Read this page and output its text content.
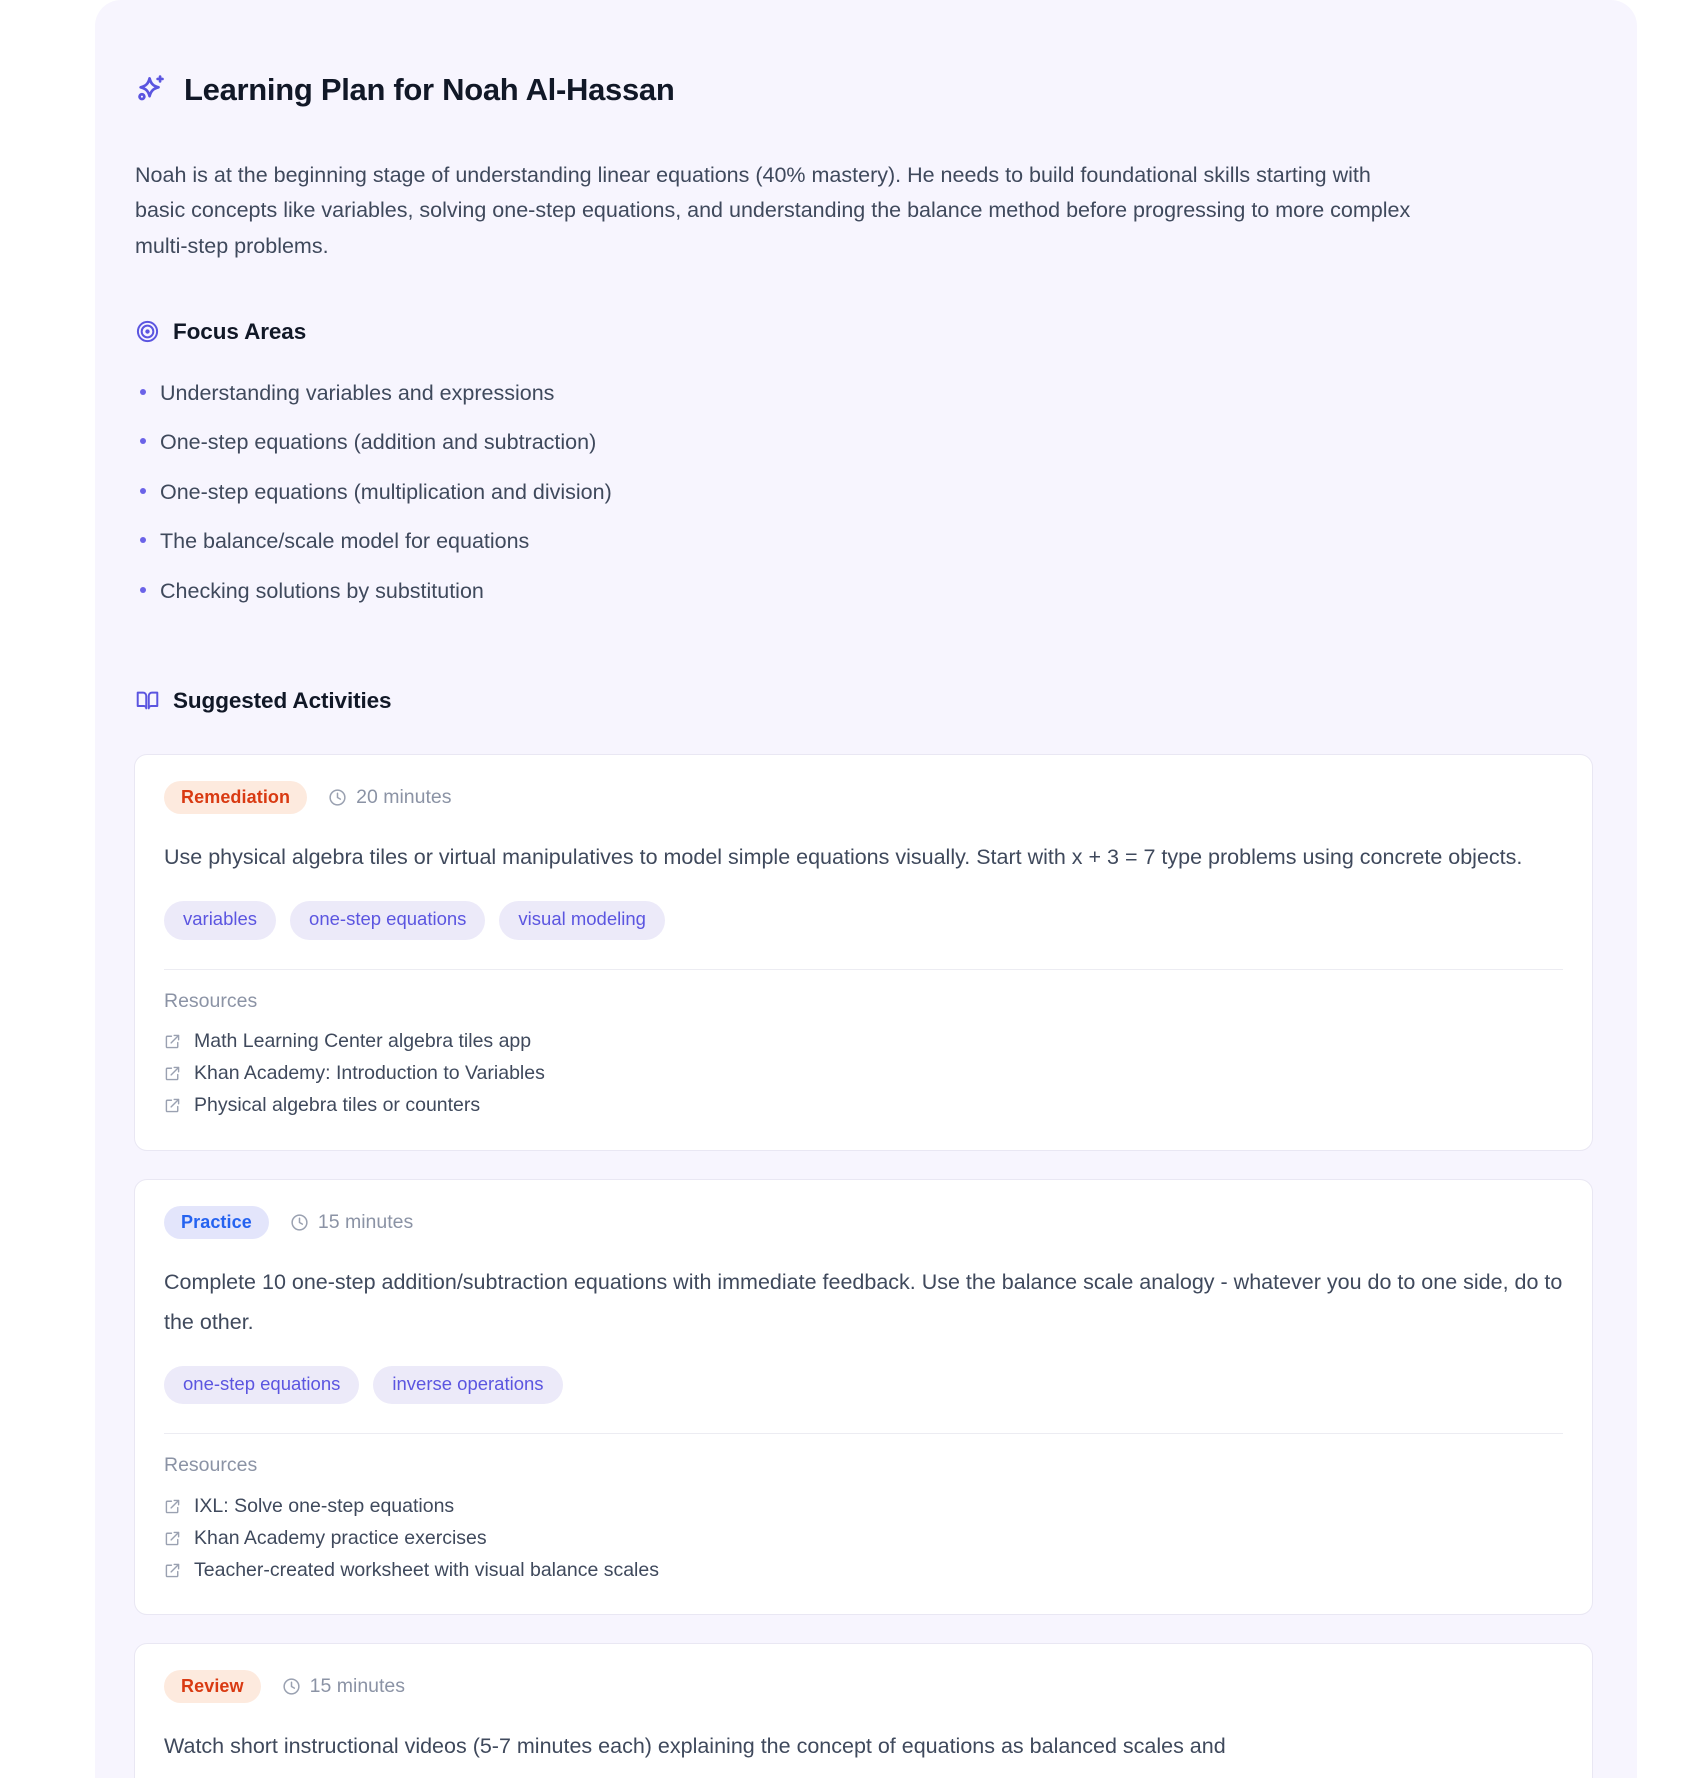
Learning Plan for Noah Al-Hassan

Noah is at the beginning stage of understanding linear equations (40% mastery). He needs to build foundational skills starting with basic concepts like variables, solving one-step equations, and understanding the balance method before progressing to more complex multi-step problems.

Focus Areas
Understanding variables and expressions
One-step equations (addition and subtraction)
One-step equations (multiplication and division)
The balance/scale model for equations
Checking solutions by substitution
Suggested Activities
Remediation	20 minutes

Use physical algebra tiles or virtual manipulatives to model simple equations visually. Start with x + 3 = 7 type problems using concrete objects.

variables	one-step equations	visual modeling
Resources
Math Learning Center algebra tiles app
Khan Academy: Introduction to Variables
Physical algebra tiles or counters
Practice	15 minutes

Complete 10 one-step addition/subtraction equations with immediate feedback. Use the balance scale analogy - whatever you do to one side, do to the other.

one-step equations	inverse operations
Resources
IXL: Solve one-step equations
Khan Academy practice exercises
Teacher-created worksheet with visual balance scales
Review	15 minutes

Watch short instructional videos (5-7 minutes each) explaining the concept of equations as balanced scales and
